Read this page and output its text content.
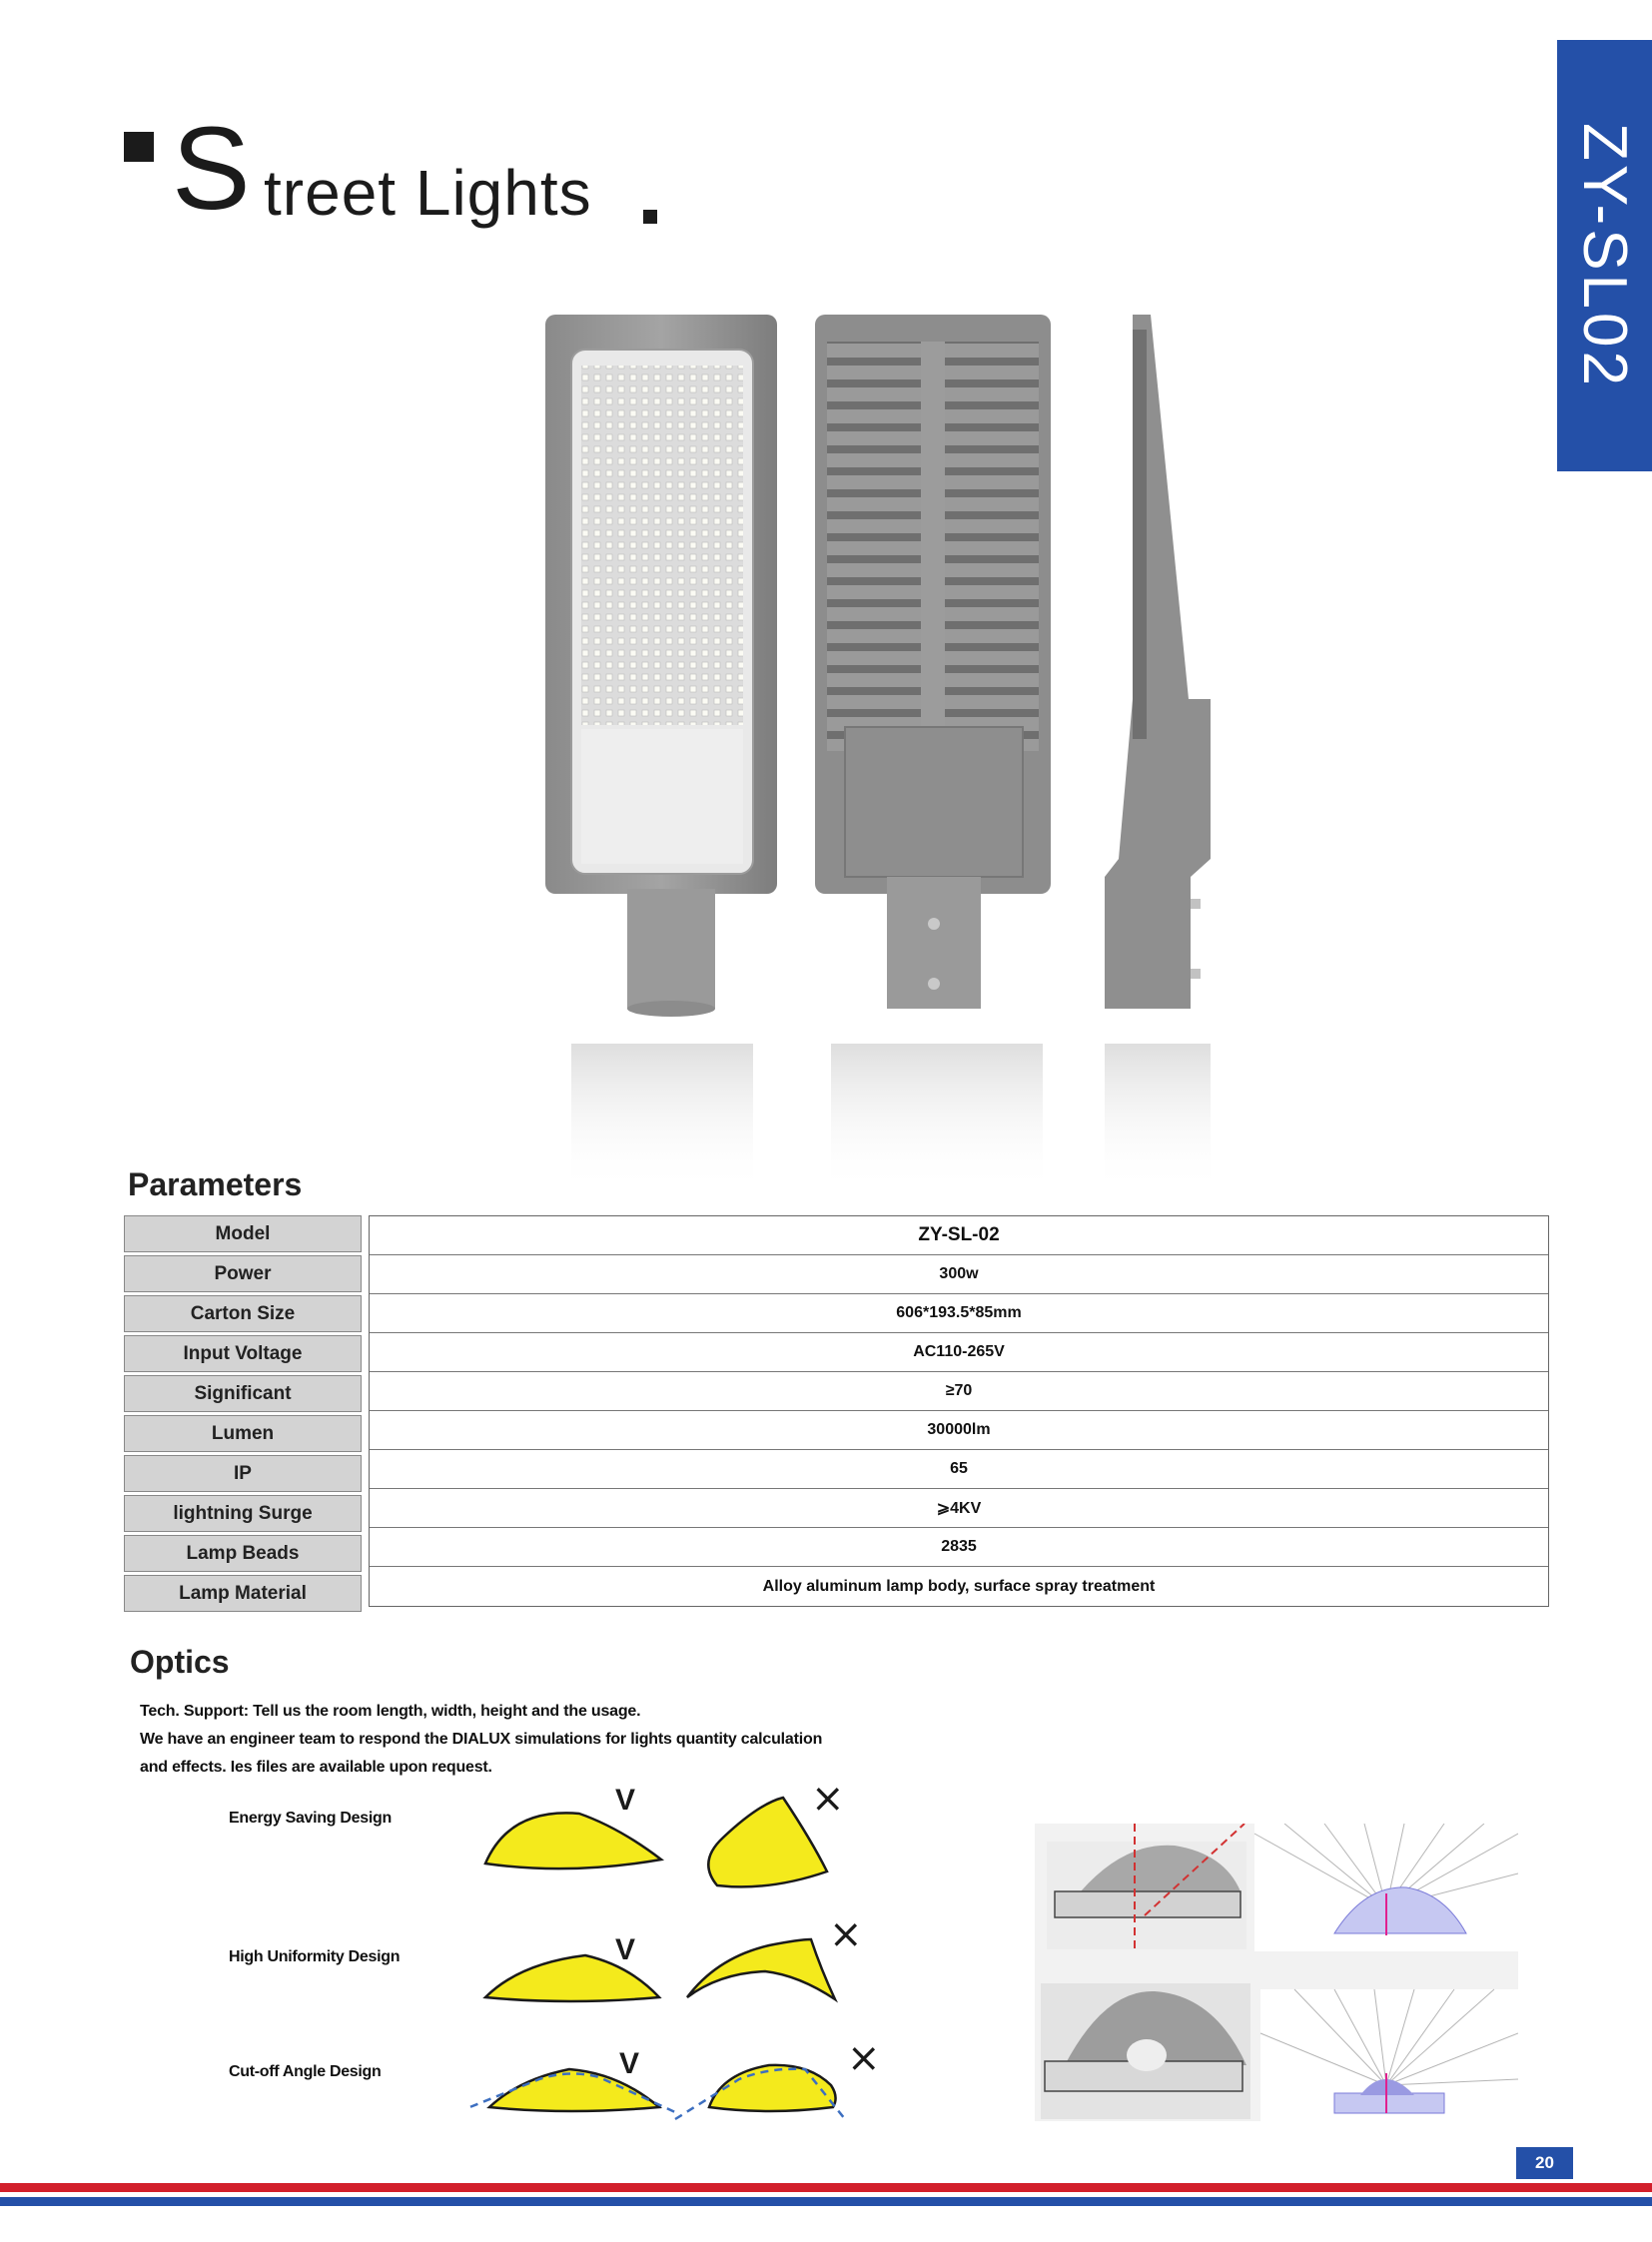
S treet Lights	ZY-SL02
Parameters
Model
Power
Carton Size
Input Voltage
Significant
Lumen
IP
lightning Surge
Lamp Beads
Lamp Material
ZY-SL-02
300w
606*193.5*85mm
AC110-265V
≥70
30000lm
65
⩾4KV
2835
Alloy aluminum lamp body, surface spray treatment
Optics
Tech. Support: Tell us the room length, width, height and the usage.
We have an engineer team to respond the DIALUX simulations for lights quantity calculation
and effects. Ies files are available upon request.
Energy Saving Design
High Uniformity Design
Cut-off Angle Design
V
V
V
×
×
×
20
